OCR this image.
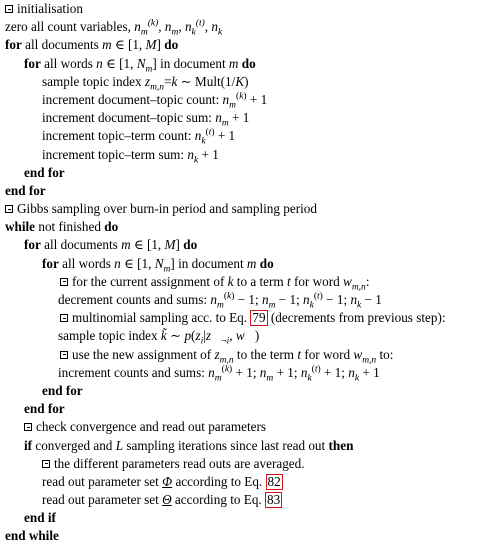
initialisation
zero all count variables, $n_m^{(k)}$, $n_m$, $n_k^{(t)}$, $n_k$
for all documents m ∈ [1, M] do
for all words n ∈ [1, $N_m$] in document m do
sample topic index $z_{m,n}=k$ ∼ Mult(1/K)
increment document–topic count: $n_m^{(k)} + 1$
increment document–topic sum: $n_m + 1$
increment topic–term count: $n_k^{(t)} + 1$
increment topic–term sum: $n_k + 1$
end for
end for
Gibbs sampling over burn-in period and sampling period
while not finished do
for all documents m ∈ [1, M] do
for all words n ∈ [1, $N_m$] in document m do
for the current assignment of k to a term t for word $w_{m,n}$:
decrement counts and sums: $n_m^{(k)} - 1$; $n_m - 1$; $n_k^{(t)} - 1$; $n_k - 1$
multinomial sampling acc. to Eq. 79 (decrements from previous step):
sample topic index k̃ ∼ $p(z_i|z⃗_{\neg i}$, w⃗)
use the new assignment of $z_{m,n}$ to the term t for word $w_{m,n}$ to:
increment counts and sums: $n_m^{(k)} + 1$; $n_m + 1$; $n_k^{(t)} + 1$; $n_k + 1$
end for
end for
check convergence and read out parameters
if converged and L sampling iterations since last read out then
the different parameters read outs are averaged.
read out parameter set Φ according to Eq. 82
read out parameter set Θ according to Eq. 83
end if
end while
